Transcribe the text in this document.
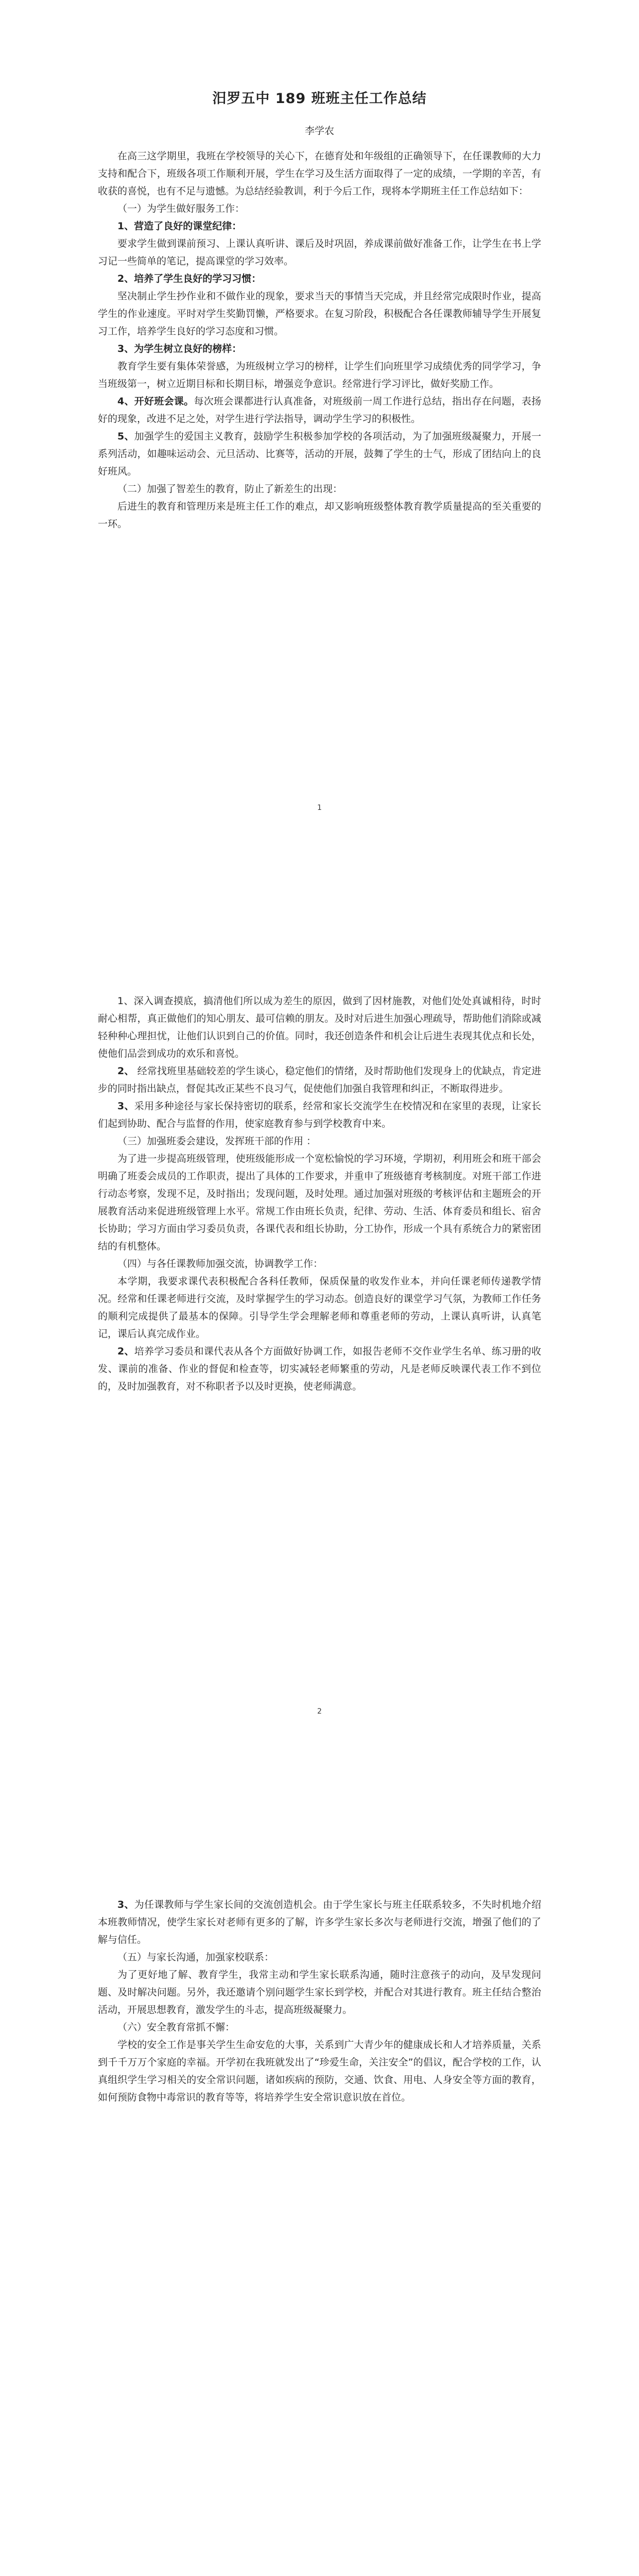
汨罗五中 189 班班主任工作总结
李学农

在高三这学期里，我班在学校领导的关心下，在德育处和年级组的正确领导下，在任课教师的大力支持和配合下，班级各项工作顺利开展，学生在学习及生活方面取得了一定的成绩，一学期的辛苦，有收获的喜悦，也有不足与遗憾。为总结经验教训，利于今后工作，现将本学期班主任工作总结如下：

（一）为学生做好服务工作：

1、营造了良好的课堂纪律：

要求学生做到课前预习、上课认真听讲、课后及时巩固，养成课前做好准备工作，让学生在书上学习记一些简单的笔记，提高课堂的学习效率。

2、培养了学生良好的学习习惯：

坚决制止学生抄作业和不做作业的现象，要求当天的事情当天完成，并且经常完成限时作业，提高学生的作业速度。平时对学生奖勤罚懒，严格要求。在复习阶段，积极配合各任课教师辅导学生开展复习工作，培养学生良好的学习态度和习惯。

3、为学生树立良好的榜样：

教育学生要有集体荣誉感，为班级树立学习的榜样，让学生们向班里学习成绩优秀的同学学习，争当班级第一，树立近期目标和长期目标，增强竞争意识。经常进行学习评比，做好奖励工作。

4、开好班会课。每次班会课都进行认真准备，对班级前一周工作进行总结，指出存在问题，表扬好的现象，改进不足之处，对学生进行学法指导，调动学生学习的积极性。

5、加强学生的爱国主义教育，鼓励学生积极参加学校的各项活动，为了加强班级凝聚力，开展一系列活动，如趣味运动会、元旦活动、比赛等，活动的开展，鼓舞了学生的士气，形成了团结向上的良好班风。

（二）加强了智差生的教育，防止了新差生的出现：

后进生的教育和管理历来是班主任工作的难点，却又影响班级整体教育教学质量提高的至关重要的一环。

1

1、深入调查摸底，搞清他们所以成为差生的原因，做到了因材施教，对他们处处真诚相待，时时耐心相帮，真正做他们的知心朋友、最可信赖的朋友。及时对后进生加强心理疏导，帮助他们消除或减轻种种心理担忧，让他们认识到自己的价值。同时，我还创造条件和机会让后进生表现其优点和长处，使他们品尝到成功的欢乐和喜悦。

2、 经常找班里基础较差的学生谈心，稳定他们的情绪，及时帮助他们发现身上的优缺点，肯定进步的同时指出缺点，督促其改正某些不良习气，促使他们加强自我管理和纠正，不断取得进步。

3、采用多种途径与家长保持密切的联系，经常和家长交流学生在校情况和在家里的表现，让家长们起到协助、配合与监督的作用，使家庭教育参与到学校教育中来。

（三）加强班委会建设，发挥班干部的作用 ：

为了进一步提高班级管理，使班级能形成一个宽松愉悦的学习环境，学期初，利用班会和班干部会明确了班委会成员的工作职责，提出了具体的工作要求，并重申了班级德育考核制度。对班干部工作进行动态考察，发现不足，及时指出；发现问题，及时处理。通过加强对班级的考核评估和主题班会的开展教育活动来促进班级管理上水平。常规工作由班长负责，纪律、劳动、生活、体育委员和组长、宿舍长协助；学习方面由学习委员负责，各课代表和组长协助，分工协作，形成一个具有系统合力的紧密团结的有机整体。

（四）与各任课教师加强交流，协调教学工作：

本学期，我要求课代表积极配合各科任教师，保质保量的收发作业本，并向任课老师传递教学情况。经常和任课老师进行交流，及时掌握学生的学习动态。创造良好的课堂学习气氛，为教师工作任务的顺利完成提供了最基本的保障。引导学生学会理解老师和尊重老师的劳动，上课认真听讲，认真笔记，课后认真完成作业。

2、培养学习委员和课代表从各个方面做好协调工作，如报告老师不交作业学生名单、练习册的收发、课前的准备、作业的督促和检查等，切实减轻老师繁重的劳动，凡是老师反映课代表工作不到位的，及时加强教育，对不称职者予以及时更换，使老师满意。

2

3、为任课教师与学生家长间的交流创造机会。由于学生家长与班主任联系较多，不失时机地介绍本班教师情况，使学生家长对老师有更多的了解，许多学生家长多次与老师进行交流，增强了他们的了解与信任。

（五）与家长沟通，加强家校联系：

为了更好地了解、教育学生，我常主动和学生家长联系沟通，随时注意孩子的动向，及早发现问题、及时解决问题。另外，我还邀请个别问题学生家长到学校，并配合对其进行教育。班主任结合整治活动，开展思想教育，激发学生的斗志，提高班级凝聚力。

（六）安全教育常抓不懈：

学校的安全工作是事关学生生命安危的大事，关系到广大青少年的健康成长和人才培养质量，关系到千千万万个家庭的幸福。开学初在我班就发出了“珍爱生命，关注安全”的倡议，配合学校的工作，认真组织学生学习相关的安全常识问题，诸如疾病的预防，交通、饮食、用电、人身安全等方面的教育，如何预防食物中毒常识的教育等等，将培养学生安全常识意识放在首位。
